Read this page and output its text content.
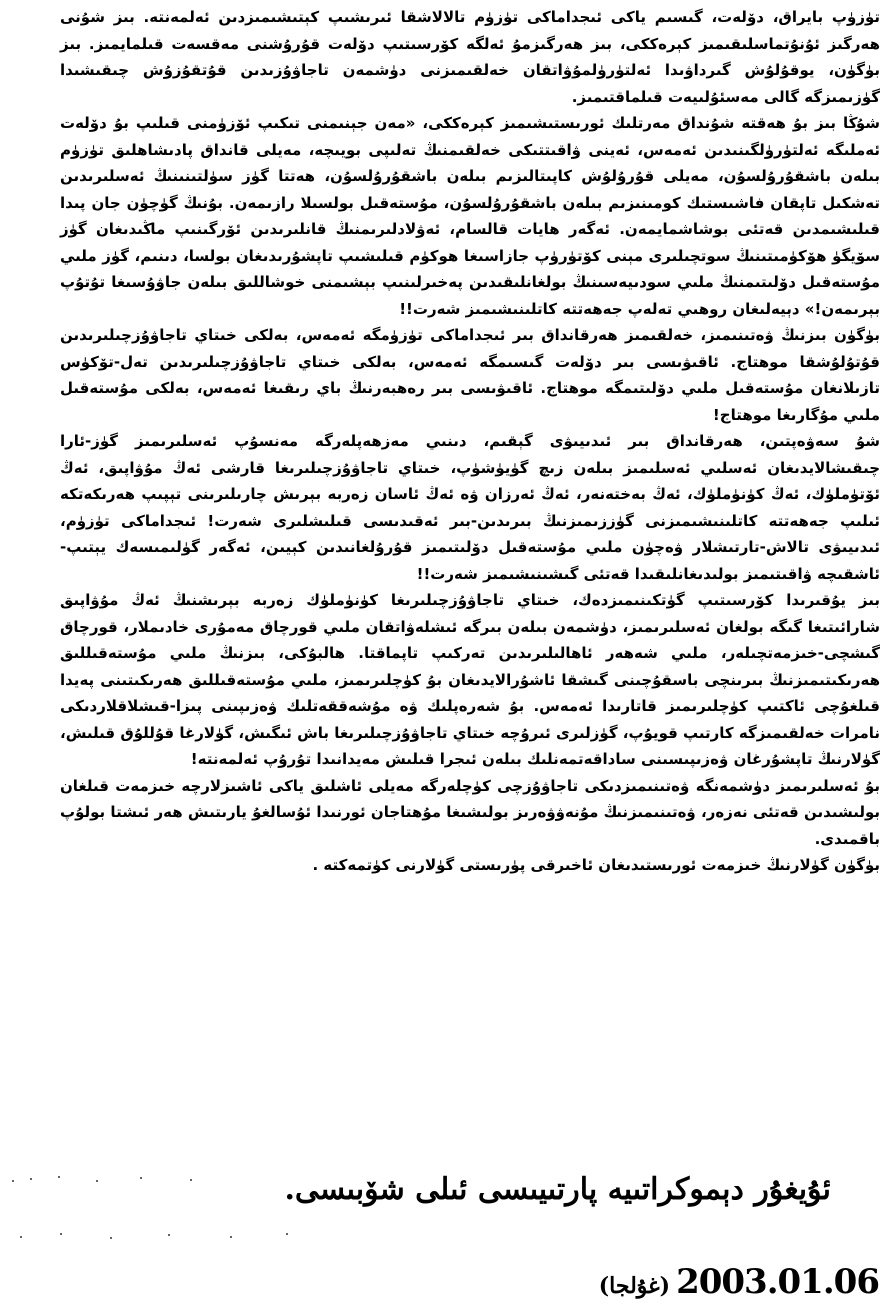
تۈزۈپ بايراق، دۆلەت، گىسىم ياكى ئىجداماكى تۈزۈم تالالاشقا ئىرىشىپ كېتىشىمىزدىن ئەلمەنتە. بىز شۇنى ھەرگىز ئۇنۇتماسلىقىمىز كېرەككى، بىز ھەرگىزمۇ ئەلگە كۆرسىتىپ دۆلەت قۇرۇشنى مەقسەت قىلمايمىز. بىز بۈگۈن، يوقۇلۇش گىرداۋىدا ئەلتۈرۈلمۇۋاتقان خەلقىمىزنى دۈشمەن تاجاۋۇزىدىن قۇتقۇزۇش چىقىشىدا گۈزىمىزگە گالى مەسئۇلىيەت قىلماقتىمىز.

شۇڭا بىز بۇ ھەقتە شۇنداق مەرتلىك ئورىستىشىمىز كېرەككى، «مەن جېنىمنى تىكىپ ئۆزۈمنى قىلىپ بۇ دۆلەت ئەملىگە ئەلتۈرۈلگىنىدىن ئەمەس، ئەينى ۋاقىتتىكى خەلقىمنىڭ تەلىپى بويىچە، مەيلى قانداق پادىشاھلىق تۈزۈم بىلەن باشقۇرۇلسۇن، مەيلى قۇرۇلۇش كاپىتالىزىم بىلەن باشقۇرۇلسۇن، ھەتتا گۈز سۈلتىنىنىڭ ئەسلىرىدىن تەشكىل تاپقان فاشىستىك كومىنىزىم بىلەن باشقۇرۇلسۇن، مۇستەقىل بولسىلا رازىمەن. بۇنىڭ گۈچۈن جان پىدا قىلىشىمدىن قەتئى بوشاشمايمەن. ئەگەر ھايات قالسام، ئەۋلادلىرىمنىڭ قانلىرىدىن ئۆرگىنىپ ماڭىدىغان گۈز سۆيگۈ ھۆكۈمىتىنىڭ سوتچىلىرى مېنى كۆتۈرۈپ جازاسىغا ھوكۈم قىلىشىپ تاپشۇرىدىغان بولسا، دىنىم، گۈز ملىي مۇستەقىل دۆلىتىمنىڭ ملىي سودىيەسىنىڭ بولغانلىقىدىن پەخىرلىنىپ بېشىمنى خوشاللىق بىلەن جاۋۇسىغا تۇتۇپ بېرىمەن!» دېيەلىغان روھىي تەلەپ جەھەتتە كاتلىنىشىمىز شەرت!!

بۈگۈن بىزنىڭ ۋەتىنىمىز، خەلقىمىز ھەرقانداق بىر ئىجداماكى تۈزۈمگە ئەمەس، بەلكى خىتاي تاجاۋۇزچىلىرىدىن قۇتۇلۇشقا موھتاج. ئاقىۋىسى بىر دۆلەت گىسىمگە ئەمەس، بەلكى خىتاي تاجاۋۇزچىلىرىدىن تەل-تۆكۈس تازىلانغان مۇستەقىل ملىي دۆلىتىمگە موھتاج. ئاقىۋىسى بىر رەھبەرنىڭ باي رىقىغا ئەمەس، بەلكى مۇستەقىل ملىي مۇگارىغا موھتاج!

شۇ سەۋەپتىن، ھەرقانداق بىر ئىدىيىۋى گېقىم، دىنىي مەزھەپلەرگە مەنسۇپ ئەسلىرىمىز گۈز-ئارا چىقىشالايدىغان ئەسلىي ئەسلىمىز بىلەن زىچ گۈيۈشۈپ، خىتاي تاجاۋۇزچىلىرىغا قارشى ئەڭ مۇۋاپىق، ئەڭ ئۆتۈملۈك، ئەڭ كۈنۈملۈك، ئەڭ بەختەنەر، ئەڭ ئەرزان ۋە ئەڭ ئاسان زەربە بېرىش چارىلىرىنى تېپىپ ھەرىكەتكە ئىلىپ جەھەتتە كاتلىنىشىمىزنى گۈززىمىزنىڭ بىرىدىن-بىر ئەقىدىسى قىلىشلىرى شەرت! ئىجداماكى تۈزۈم، ئىدىيىۋى تالاش-تارتىشلار ۋەچۈن ملىي مۇستەقىل دۆلىتىمىز قۇرۇلغانىدىن كېيىن، ئەگەر گۈلىمىسەك يېتىپ-ئاشقىچە ۋاقىتىمىز بولىدىغانلىقىدا قەتئى گىشىنىشىمىز شەرت!!

بىز يۇقىرىدا كۆرسىتىپ گۈتكىنىمىزدەك، خىتاي تاجاۋۇزچىلىرىغا كۈنۈملۈك زەربە بېرىشنىڭ ئەڭ مۇۋاپىق شارائىتىغا گىگە بولغان ئەسلىرىمىز، دۈشمەن بىلەن بىرگە ئىشلەۋاتقان ملىي قورچاق مەمۇرى خادىملار، قورچاق گىشچى-خىزمەتچىلەر، ملىي شەھەر ئاھالىلىرىدىن تەركىپ تاپماقتا. ھالبۇكى، بىزنىڭ ملىي مۇستەقىللىق ھەرىكىتىمىزنىڭ بىرىنچى باسقۇچىنى گىشقا ئاشۇرالايدىغان بۇ كۈچلىرىمىز، ملىي مۇستەقىللىق ھەرىكىتىنى پەيدا قىلغۇچى ئاكتىپ كۈچلىرىمىز قاتارىدا ئەمەس. بۇ شەرەپلىك ۋە مۇشەققەتلىك ۋەزىپىنى پىزا-قىشلاقلاردىكى نامرات خەلقىمىزگە كارتىپ قويۇپ، گۈزلىرى ئىرۇچە خىتاي تاجاۋۇزچىلىرىغا باش ئىگىش، گۈلارغا قۇللۇق قىلىش، گۈلارنىڭ تاپشۇرغان ۋەزىپىسىنى ساداقەتمەنلىك بىلەن ئىجرا قىلىش مەيدانىدا تۇرۇپ ئەلمەنتە!

بۇ ئەسلىرىمىز دۈشمەنگە ۋەتىنىمىزدىكى تاجاۋۇزچى كۈچلەرگە مەيلى ئاشلىق ياكى ئاشىزلارچە خىزمەت قىلغان بولىشىدىن قەتئى نەزەر، ۋەتىنىمىزنىڭ مۇنەۋۋەرىز بولىشىغا مۇھتاجان ئورنىدا ئۇسالغۇ يارىتىش ھەر ئىشتا بولۇپ باقمىدى.

بۈگۈن گۈلارنىڭ خىزمەت ئورىستىدىغان ئاخىرقى پۈرىستى گۈلارنى كۈتمەكتە .

ئۇيغۇر دېموكراتىيە پارتىيىسى ئىلى شۆبىسى.
(غۇلجا) 2003.01.06
